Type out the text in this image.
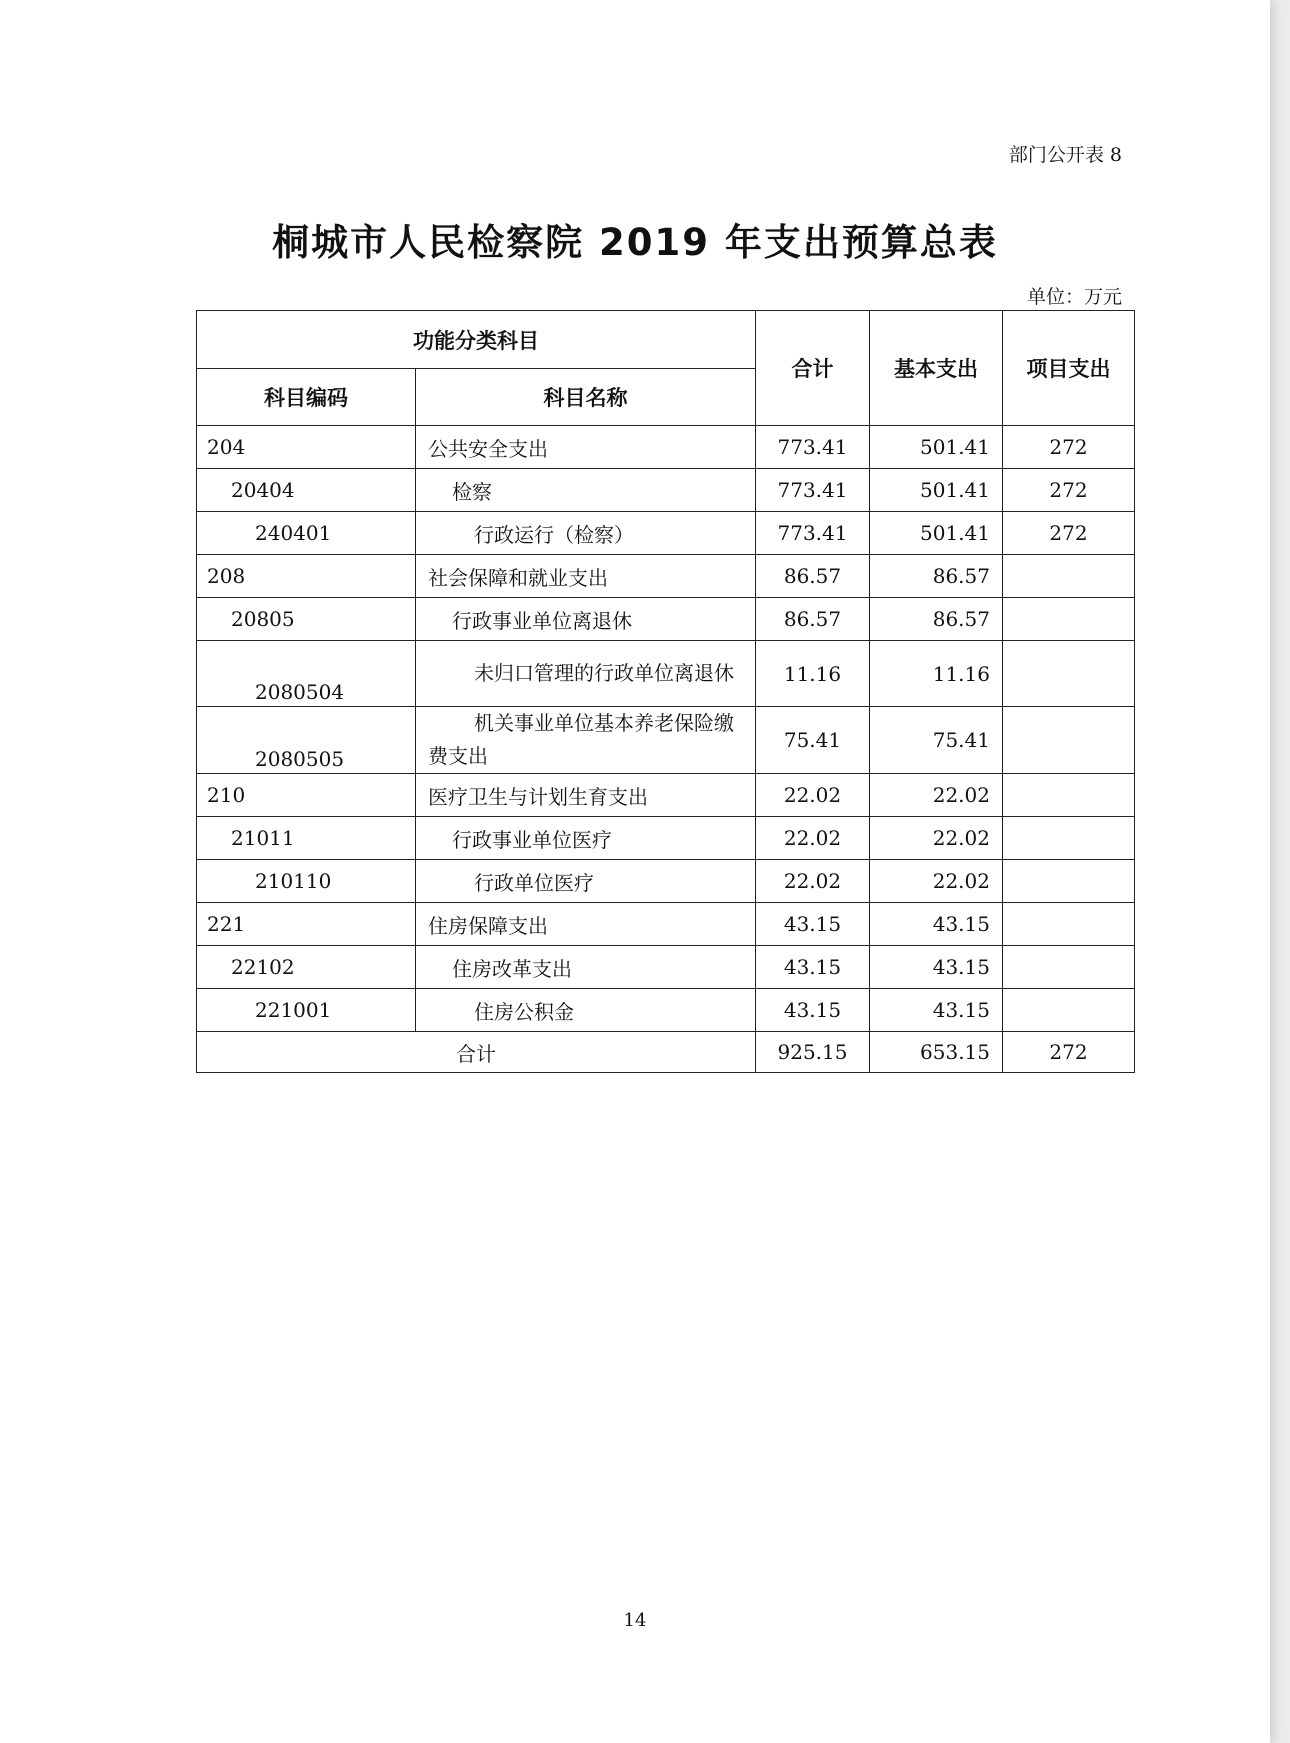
部门公开表 8
桐城市人民检察院 2019 年支出预算总表
单位：万元
功能分类科目		合计	基本支出	项目支出
科目编码	科目名称			
204	公共安全支出	773.41	501.41	272
20404	检察	773.41	501.41	272
240401	行政运行（检察）	773.41	501.41	272
208	社会保障和就业支出	86.57	86.57	
20805	行政事业单位离退休	86.57	86.57	
2080504	未归口管理的行政单位离退休	11.16	11.16	
2080505	机关事业单位基本养老保险缴费支出	75.41	75.41	
210	医疗卫生与计划生育支出	22.02	22.02	
21011	行政事业单位医疗	22.02	22.02	
210110	行政单位医疗	22.02	22.02	
221	住房保障支出	43.15	43.15	
22102	住房改革支出	43.15	43.15	
221001	住房公积金	43.15	43.15	
合计		925.15	653.15	272
14
